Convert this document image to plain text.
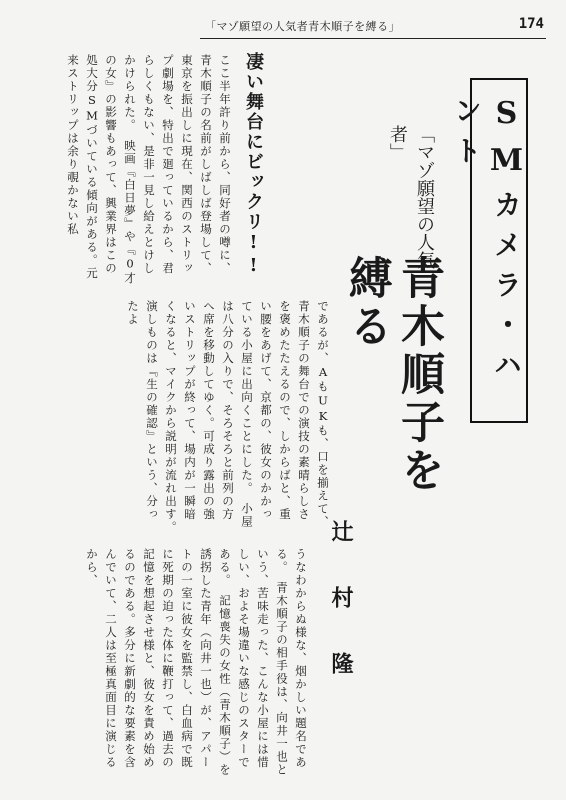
「マゾ願望の人気者青木順子を縛る」	174
SMカメラ・ハント
「マゾ願望の人気者」
青木順子を縛る
辻村隆
凄い舞台にビックリ!!
ここ半年許り前から、同好者の噂に、青木順子の名前がしばしば登場して、東京を振出しに現在、関西のストリップ劇場を、特出で廻っているから、君らしくもない、是非一見し給えとけしかけられた。　映画『白日夢』や『0才の女』の影響もあって、興業界はこの処大分SMづいている傾向がある。元来ストリップは余り覗かない私
であるが、AもUKも、口を揃えて、青木順子の舞台での演技の素晴らしさを褒めたたえるので、しからばと、重い腰をあげて、京都の、彼女のかかっている小屋に出向くことにした。　小屋は八分の入りで、そろそろと前列の方へ席を移動してゆく。可成り露出の強いストリップが終って、場内が一瞬暗くなると、マイクから説明が流れ出す。　演しものは『生の確認』という、分ったよ
うなわからぬ様な、烟かしい題名である。　青木順子の相手役は、向井一也という、苦味走った、こんな小屋には惜しい、およそ場違いな感じのスターである。　記憶喪失の女性（青木順子）を誘拐した青年（向井一也）が、アパートの一室に彼女を監禁し、白血病で既に死期の迫った体に鞭打って、過去の記憶を想起させ様と、彼女を責め始めるのである。多分に新劇的な要素を含んでいて、二人は至極真面目に演じるから、
